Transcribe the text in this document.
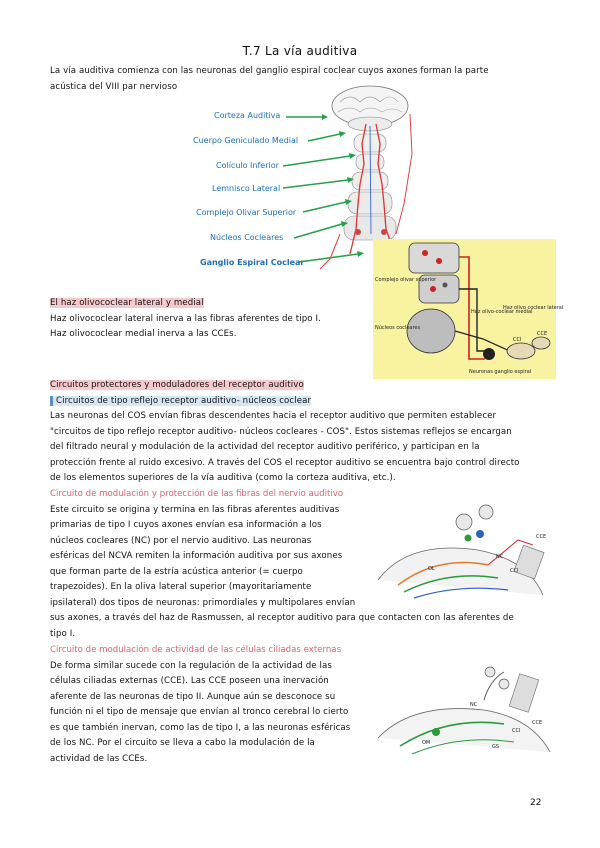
T.7 La vía auditiva

La vía auditiva comienza con las neuronas del ganglio espiral coclear cuyos axones forman la parte

acústica del VIII par nervioso

Corteza Auditiva
Cuerpo Geniculado Medial
Colículo Inferior
Lemnisco Lateral
Complejo Olivar Superior
Núcleos Cocleares
Ganglio Espiral Coclear
Complejo olivar superior
Núcleos cocleares
Haz olivo-coclear medial
Haz olivo coclear lateral
CCI
CCE
Neuronas ganglio espiral

El haz olivococlear lateral y medial

Haz olivococlear lateral inerva a las fibras aferentes de tipo I.

Haz olivococlear medial inerva a las CCEs.

Circuitos protectores y moduladores del receptor auditivo

Circuitos de tipo reflejo receptor auditivo- núcleos coclear

Las neuronas del COS envían fibras descendentes hacia el receptor auditivo que permiten establecer

"circuitos de tipo reflejo receptor auditivo- núcleos cocleares - COS". Estos sistemas reflejos se encargan

del filtrado neural y modulación de la actividad del receptor auditivo periférico, y participan en la

protección frente al ruido excesivo. A través del COS el receptor auditivo se encuentra bajo control directo

de los elementos superiores de la vía auditiva (como la corteza auditiva, etc.).

Circuito de modulación y protección de las fibras del nervio auditivo

Este circuito se origina y termina en las fibras aferentes auditivas

primarias de tipo I cuyos axones envían esa información a los

núcleos cocleares (NC) por el nervio auditivo. Las neuronas

esféricas del NCVA remiten la información auditiva por sus axones

que forman parte de la estría acústica anterior (= cuerpo

trapezoides). En la oliva lateral superior (mayoritariamente

ipsilateral) dos tipos de neuronas: primordiales y multipolares envían

sus axones, a través del haz de Rasmussen, al receptor auditivo para que contacten con las aferentes de

tipo I.

NC
CCI
CCE
OL

Circuito de modulación de actividad de las células ciliadas externas

De forma similar sucede con la regulación de la actividad de las

células ciliadas externas (CCE). Las CCE poseen una inervación

aferente de las neuronas de tipo II. Aunque aún se desconoce su

función ni el tipo de mensaje que envían al tronco cerebral lo cierto

es que también inervan, como las de tipo I, a las neuronas esféricas

de los NC. Por el circuito se lleva a cabo la modulación de la

actividad de las CCEs.

NC
CCE
CCI
GS
OM
22
